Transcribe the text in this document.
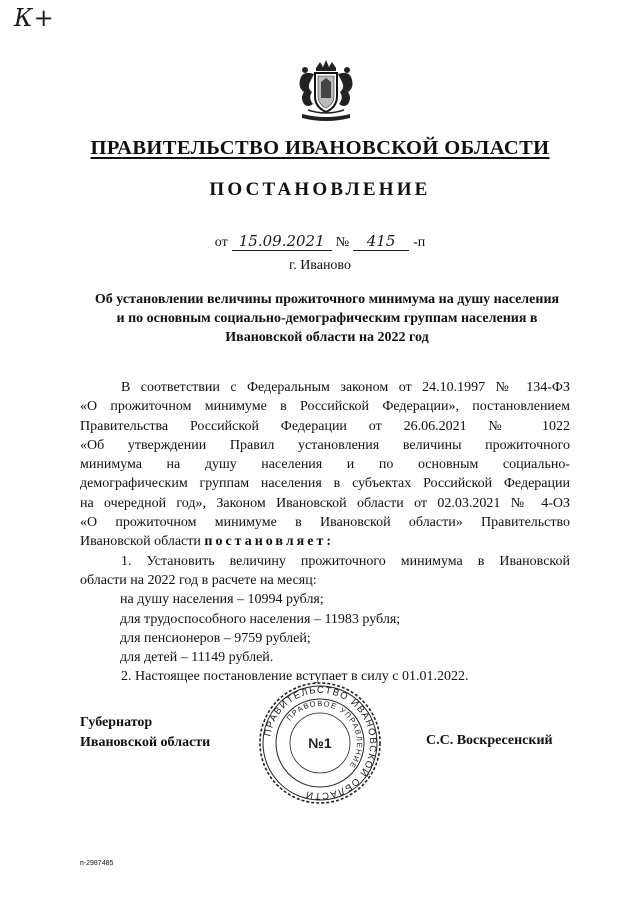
К+
ПРАВИТЕЛЬСТВО ИВАНОВСКОЙ ОБЛАСТИ
ПОСТАНОВЛЕНИЕ
от 15.09.2021 № 415 -п
г. Иваново
Об установлении величины прожиточного минимума на душу населения и по основным социально-демографическим группам населения в Ивановской области на 2022 год
В соответствии с Федеральным законом от 24.10.1997 № 134-ФЗ
«О прожиточном минимуме в Российской Федерации», постановлением
Правительства Российской Федерации от 26.06.2021 № 1022
«Об утверждении Правил установления величины прожиточного
минимума на душу населения и по основным социально-
демографическим группам населения в субъектах Российской Федерации
на очередной год», Законом Ивановской области от 02.03.2021 № 4-ОЗ
«О прожиточном минимуме в Ивановской области» Правительство
Ивановской области постановляет:
1. Установить величину прожиточного минимума в Ивановской
области на 2022 год в расчете на месяц:
на душу населения – 10994 рубля;
для трудоспособного населения – 11983 рубля;
для пенсионеров – 9759 рублей;
для детей – 11149 рублей.
2. Настоящее постановление вступает в силу с 01.01.2022.
Губернатор
Ивановской области
ПРАВИТЕЛЬСТВО ИВАНОВСКОЙ ОБЛАСТИ
ПРАВОВОЕ УПРАВЛЕНИЕ
№1	С.С. Воскресенский
п-2987485
